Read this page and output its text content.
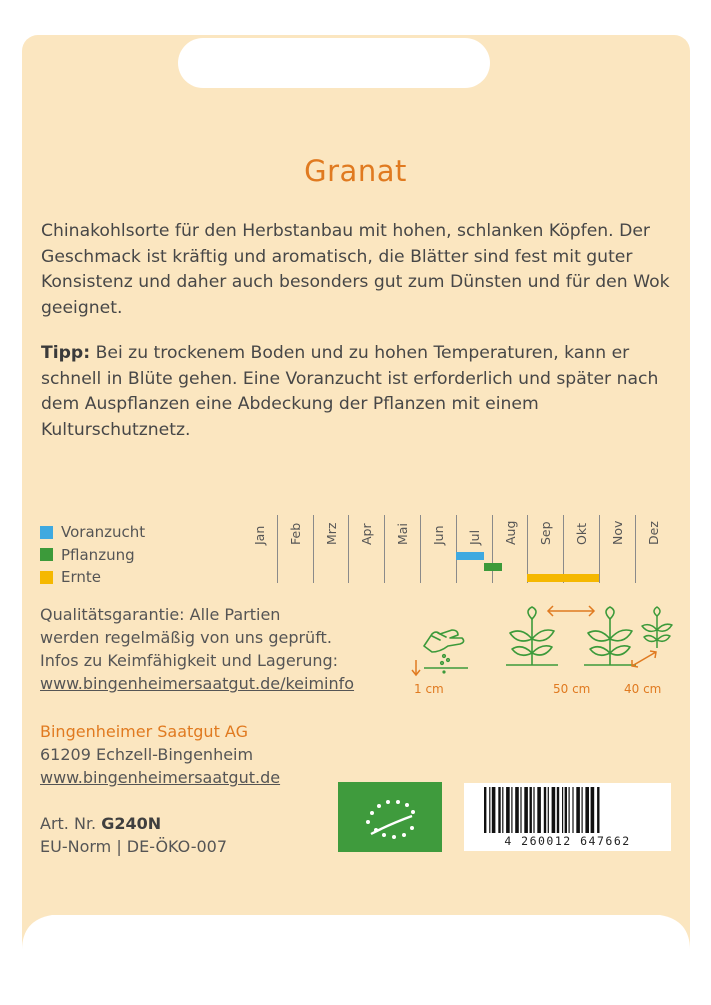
Granat

Chinakohlsorte für den Herbstanbau mit hohen, schlanken Köpfen. Der Geschmack ist kräftig und aromatisch, die Blätter sind fest mit guter Konsistenz und daher auch besonders gut zum Dünsten und für den Wok geeignet.

Tipp: Bei zu trockenem Boden und zu hohen Temperaturen, kann er schnell in Blüte gehen. Eine Voranzucht ist erforderlich und später nach dem Auspflanzen eine Abdeckung der Pflanzen mit einem Kulturschutznetz.

Voranzucht
Pflanzung
Ernte
Jan Feb Mrz Apr Mai Jun Jul Aug Sep Okt Nov Dez
Qualitätsgarantie: Alle Partien
werden regelmäßig von uns geprüft.
Infos zu Keimfähigkeit und Lagerung:
www.bingenheimersaatgut.de/keiminfo	1 cm	50 cm	40 cm
Bingenheimer Saatgut AG
61209 Echzell-Bingenheim
www.bingenheimersaatgut.de
Art. Nr. G240N
EU-Norm | DE-ÖKO-007	4 260012 647662
